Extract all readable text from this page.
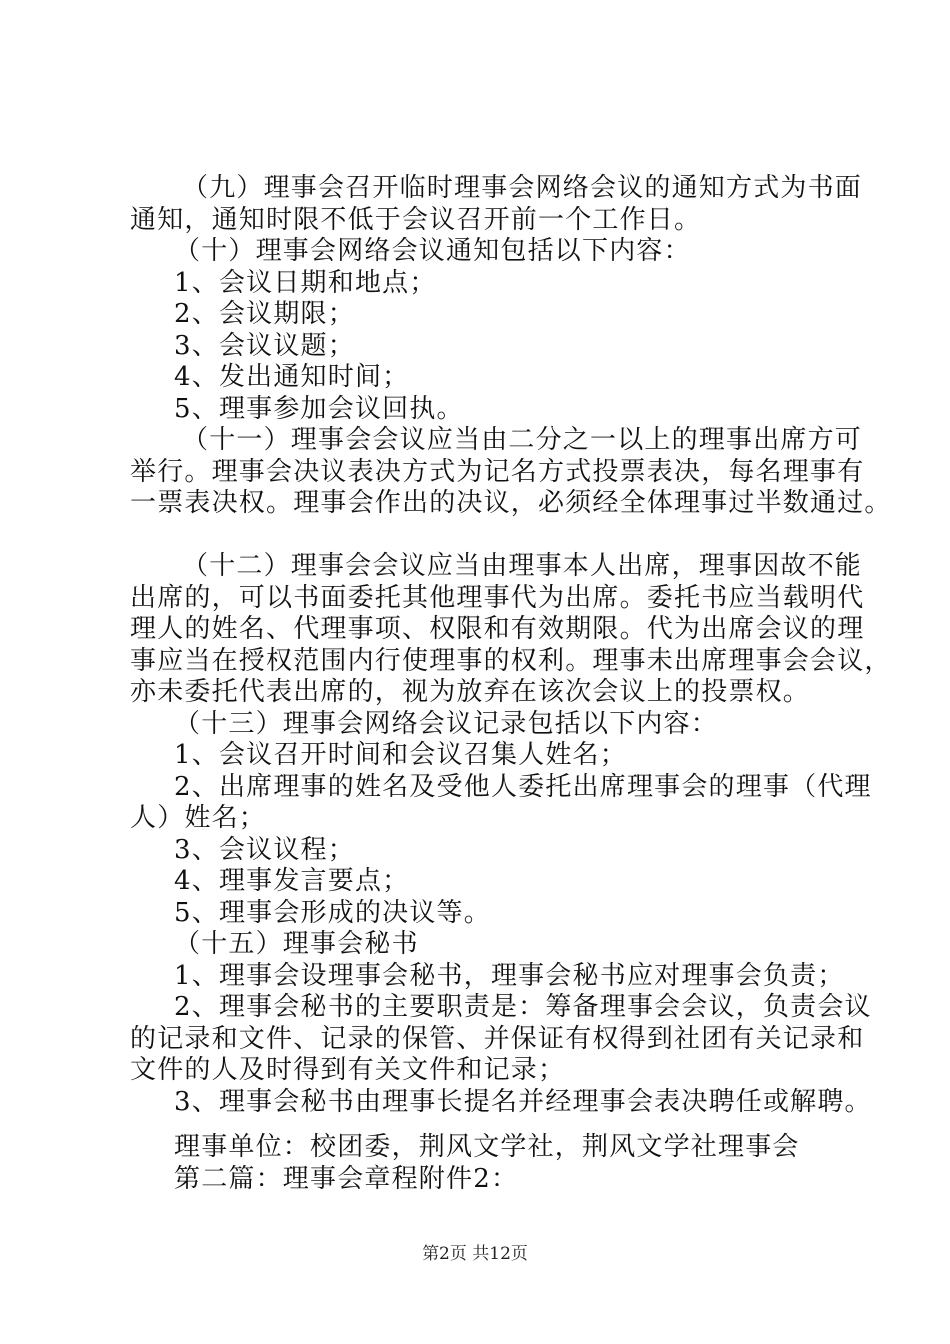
（九）理事会召开临时理事会网络会议的通知方式为书面
通知，通知时限不低于会议召开前一个工作日。
（十）理事会网络会议通知包括以下内容：
1、会议日期和地点；
2、会议期限；
3、会议议题；
4、发出通知时间；
5、理事参加会议回执。
（十一）理事会会议应当由二分之一以上的理事出席方可
举行。理事会决议表决方式为记名方式投票表决，每名理事有
一票表决权。理事会作出的决议，必须经全体理事过半数通过。
（十二）理事会会议应当由理事本人出席，理事因故不能
出席的，可以书面委托其他理事代为出席。委托书应当载明代
理人的姓名、代理事项、权限和有效期限。代为出席会议的理
事应当在授权范围内行使理事的权利。理事未出席理事会会议，
亦未委托代表出席的，视为放弃在该次会议上的投票权。
（十三）理事会网络会议记录包括以下内容：
1、会议召开时间和会议召集人姓名；
2、出席理事的姓名及受他人委托出席理事会的理事（代理
人）姓名；
3、会议议程；
4、理事发言要点；
5、理事会形成的决议等。
（十五）理事会秘书
1、理事会设理事会秘书，理事会秘书应对理事会负责；
2、理事会秘书的主要职责是：筹备理事会会议，负责会议
的记录和文件、记录的保管、并保证有权得到社团有关记录和
文件的人及时得到有关文件和记录；
3、理事会秘书由理事长提名并经理事会表决聘任或解聘。
理事单位：校团委，荆风文学社，荆风文学社理事会
第二篇：理事会章程附件2：
第2页 共12页
